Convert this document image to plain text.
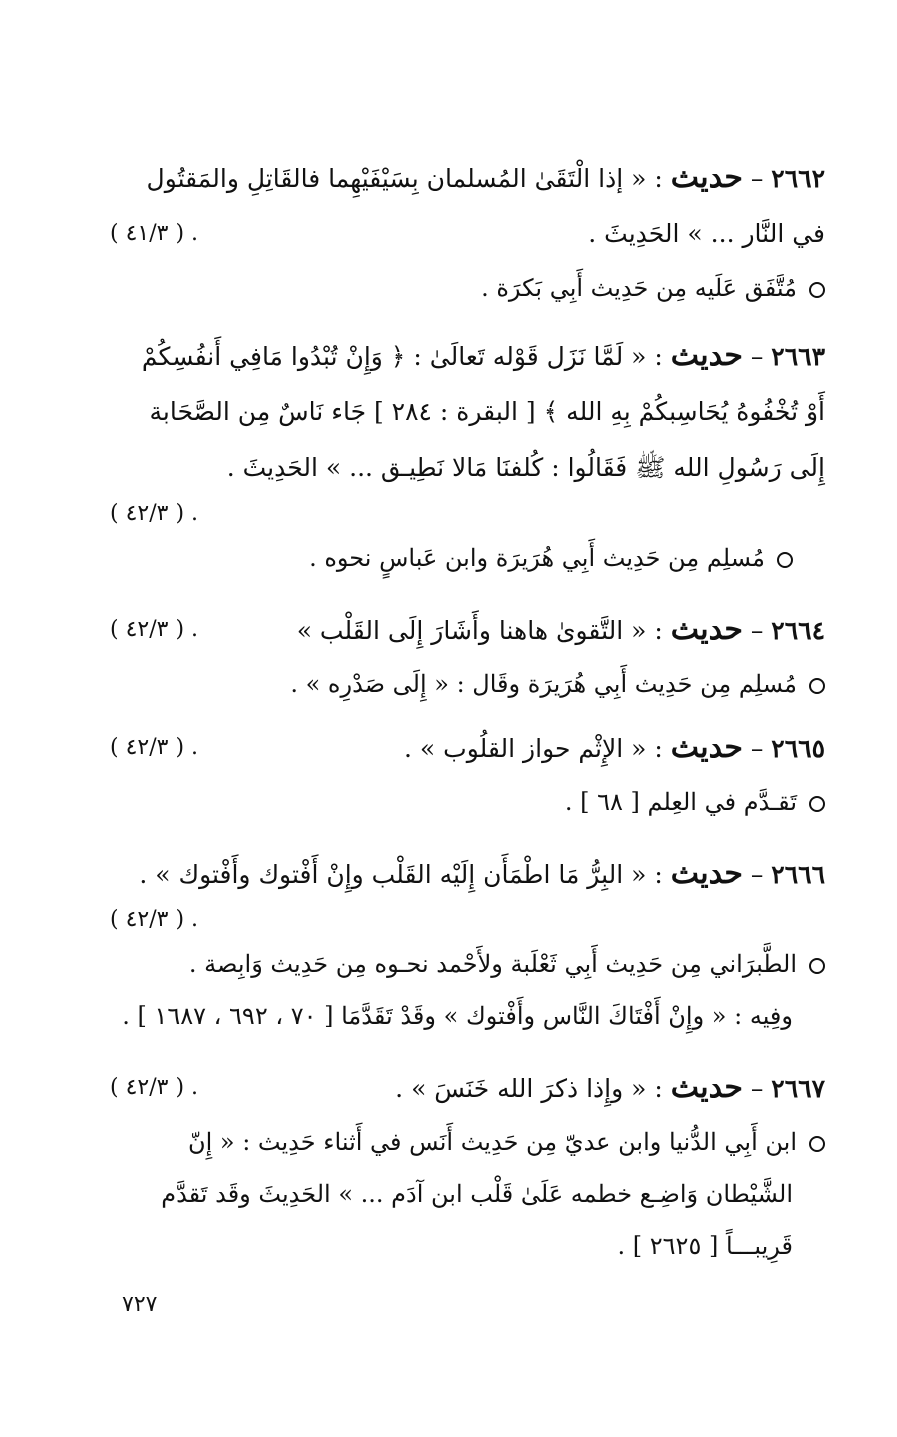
٢٦٦٢ – حديث : « إذا الْتَقَىٰ المُسلمان بِسَيْفَيْهِما فالقَاتِلِ والمَقتُول
في النَّار ... » الحَدِيثَ .
( ٤١/٣ ) .
مُتَّفَق عَلَيه مِن حَدِيث أَبِي بَكرَة .
٢٦٦٣ – حديث : « لَمَّا نَزَل قَوْله تَعالَىٰ : ﴿ وَإِنْ تُبْدُوا مَافِي أَنفُسِكُمْ
أَوْ تُخْفُوهُ يُحَاسِبكُمْ بِهِ الله ﴾ [ البقرة : ٢٨٤ ] جَاء نَاسٌ مِن الصَّحَابة
إِلَى رَسُولِ الله ﷺ فَقَالُوا : كُلفنَا مَالا نَطِيـق ... » الحَدِيثَ .
( ٤٢/٣ ) .
مُسلِم مِن حَدِيث أَبِي هُرَيرَة وابن عَباسٍ نحوه .
٢٦٦٤ – حديث : « التَّقوىٰ هاهنا وأَشَارَ إِلَى القَلْب »
( ٤٢/٣ ) .
مُسلِم مِن حَدِيث أَبِي هُرَيرَة وقَال : « إِلَى صَدْرِه » .
٢٦٦٥ – حديث : « الإِثْم حواز القلُوب » .
( ٤٢/٣ ) .
تَقـدَّم في العِلم [ ٦٨ ] .
٢٦٦٦ – حديث : « البِرُّ مَا اطْمَأَن إِلَيْه القَلْب وإِنْ أَفْتوك وأَفْتوك » .
( ٤٢/٣ ) .
الطَّبرَاني مِن حَدِيث أَبِي ثَعْلَبة ولأَحْمد نحـوه مِن حَدِيث وَابِصة .
وفِيه : « وإِنْ أَفْتَاكَ النَّاس وأَفْتوك » وقَدْ تَقَدَّمَا [ ٧٠ ، ٦٩٢ ، ١٦٨٧ ] .
٢٦٦٧ – حديث : « وإِذا ذكرَ الله خَنَسَ » .
( ٤٢/٣ ) .
ابن أَبِي الدُّنيا وابن عديّ مِن حَدِيث أَنَس في أَثناء حَدِيث : « إِنّ
الشَّيْطان وَاضِـع خطمه عَلَىٰ قَلْب ابن آدَم ... » الحَدِيثَ وقَد تَقدَّم
قَرِيبـــاً [ ٢٦٢٥ ] .
٧٢٧
